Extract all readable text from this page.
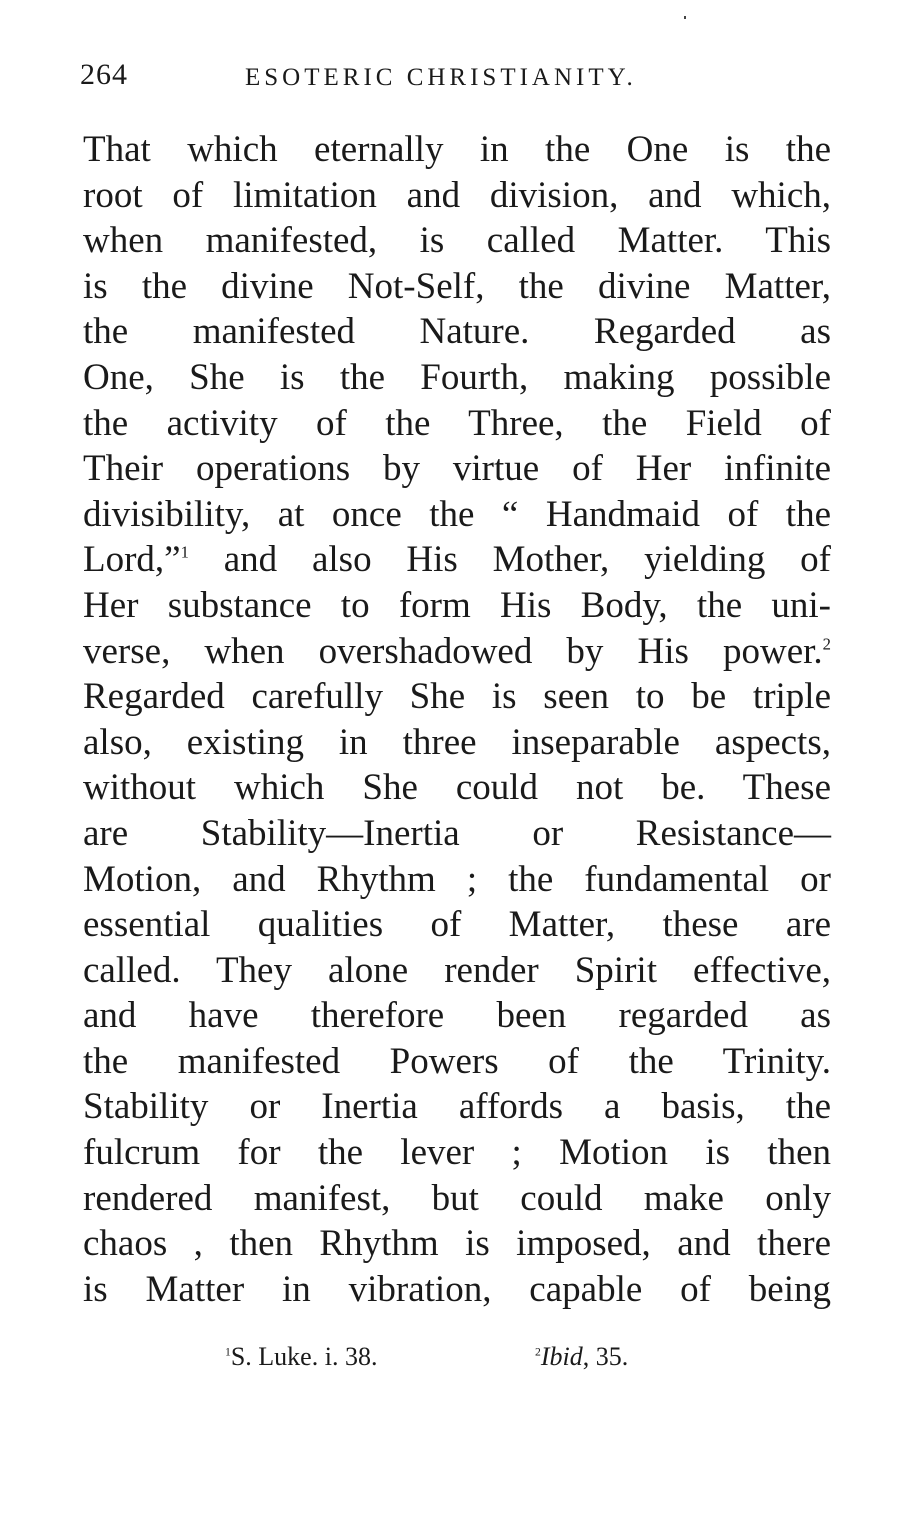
264	ESOTERIC CHRISTIANITY.
That which eternally in the One is the
root of limitation and division, and which,
when manifested, is called Matter. This
is the divine Not-Self, the divine Matter,
the manifested Nature. Regarded as
One, She is the Fourth, making possible
the activity of the Three, the Field of
Their operations by virtue of Her infinite
divisibility, at once the “ Handmaid of the
Lord,”$^1$ and also His Mother, yielding of
Her substance to form His Body, the uni-
verse, when overshadowed by His power.$^2$
Regarded carefully She is seen to be triple
also, existing in three inseparable aspects,
without which She could not be. These
are Stability—Inertia or Resistance—
Motion, and Rhythm ; the fundamental or
essential qualities of Matter, these are
called. They alone render Spirit effective,
and have therefore been regarded as
the manifested Powers of the Trinity.
Stability or Inertia affords a basis, the
fulcrum for the lever ; Motion is then
rendered manifest, but could make only
chaos , then Rhythm is imposed, and there
is Matter in vibration, capable of being
$^1$S. Luke. i. 38.	$^2$Ibid, 35.
